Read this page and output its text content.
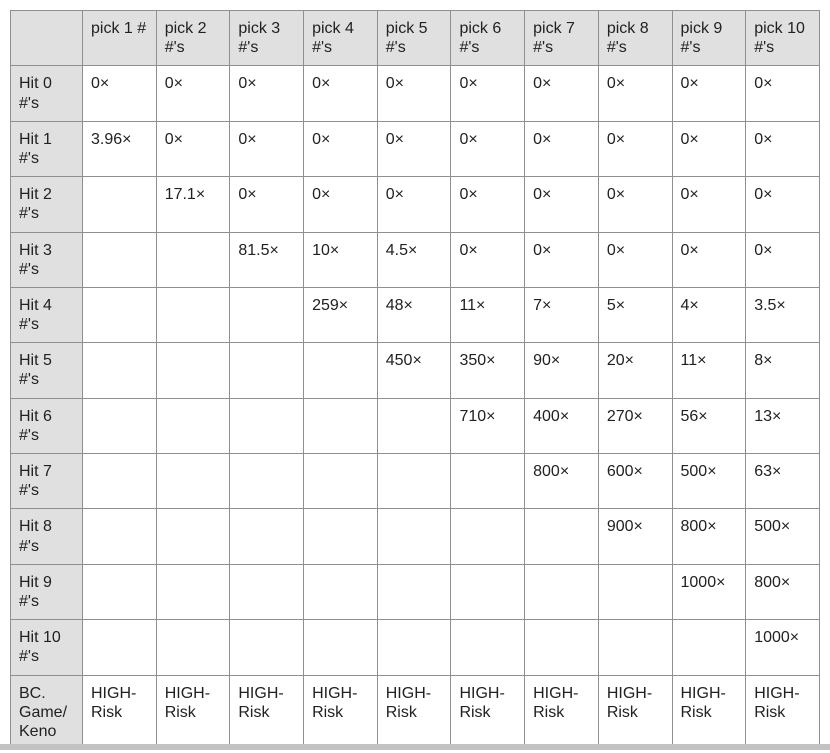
	pick 1 #	pick 2 #'s	pick 3 #'s	pick 4 #'s	pick 5 #'s	pick 6 #'s	pick 7 #'s	pick 8 #'s	pick 9 #'s	pick 10 #'s
Hit 0 #'s	0×	0×	0×	0×	0×	0×	0×	0×	0×	0×
Hit 1 #'s	3.96×	0×	0×	0×	0×	0×	0×	0×	0×	0×
Hit 2 #'s		17.1×	0×	0×	0×	0×	0×	0×	0×	0×
Hit 3 #'s			81.5×	10×	4.5×	0×	0×	0×	0×	0×
Hit 4 #'s				259×	48×	11×	7×	5×	4×	3.5×
Hit 5 #'s					450×	350×	90×	20×	11×	8×
Hit 6 #'s						710×	400×	270×	56×	13×
Hit 7 #'s							800×	600×	500×	63×
Hit 8 #'s								900×	800×	500×
Hit 9 #'s									1000×	800×
Hit 10 #'s										1000×
BC. Game/Keno	HIGH-Risk	HIGH-Risk	HIGH-Risk	HIGH-Risk	HIGH-Risk	HIGH-Risk	HIGH-Risk	HIGH-Risk	HIGH-Risk	HIGH-Risk
